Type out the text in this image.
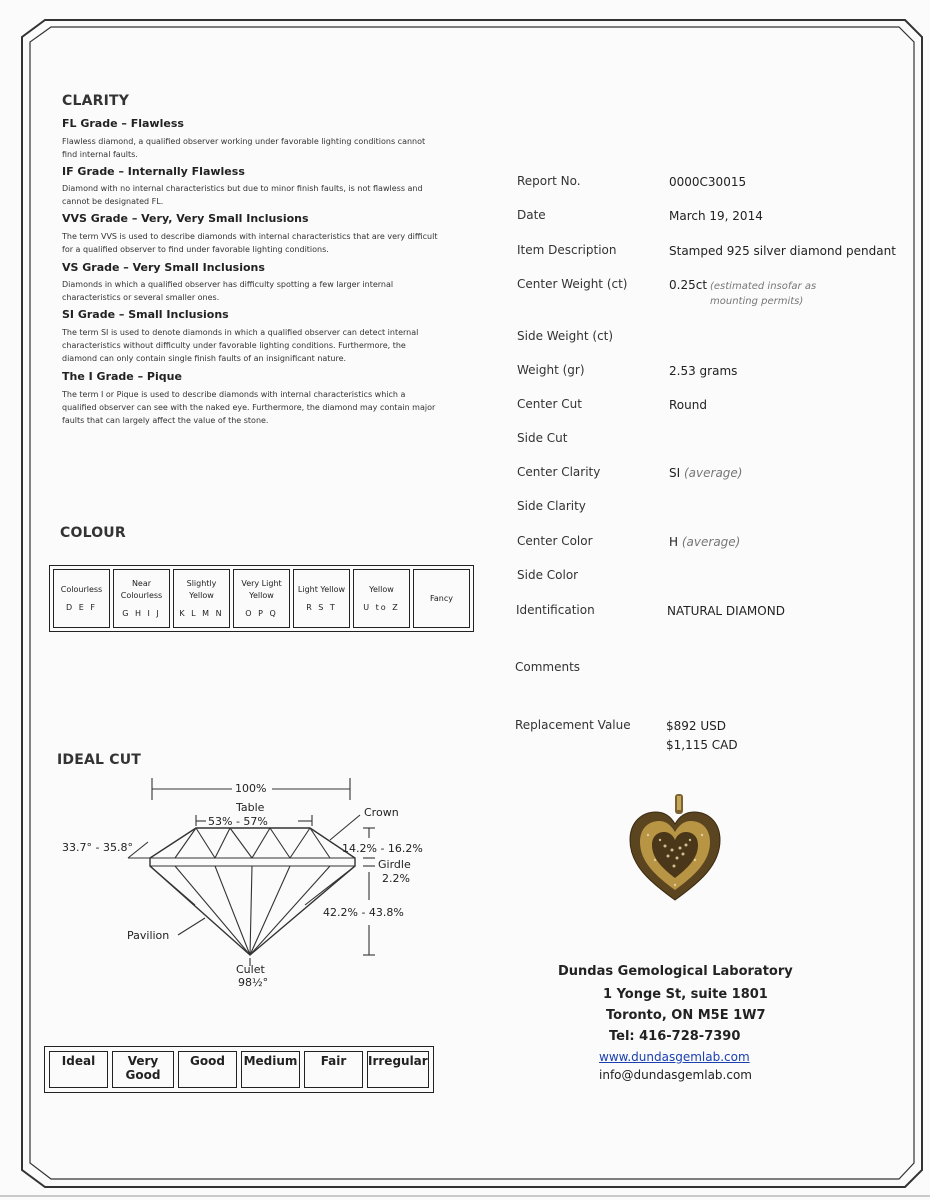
CLARITY
FL Grade – Flawless
Flawless diamond, a qualified observer working under favorable lighting conditions cannot find internal faults.
IF Grade – Internally Flawless
Diamond with no internal characteristics but due to minor finish faults, is not flawless and cannot be designated FL.
VVS Grade – Very, Very Small Inclusions
The term VVS is used to describe diamonds with internal characteristics that are very difficult for a qualified observer to find under favorable lighting conditions.
VS Grade – Very Small Inclusions
Diamonds in which a qualified observer has difficulty spotting a few larger internal characteristics or several smaller ones.
SI Grade – Small Inclusions
The term SI is used to denote diamonds in which a qualified observer can detect internal characteristics without difficulty under favorable lighting conditions. Furthermore, the diamond can only contain single finish faults of an insignificant nature.
The I Grade – Pique
The term I or Pique is used to describe diamonds with internal characteristics which a qualified observer can see with the naked eye. Furthermore, the diamond may contain major faults that can largely affect the value of the stone.
COLOUR
Colourless
D E F
	Near Colourless
G H I J
	Slightly Yellow
K L M N
	Very Light Yellow
O P Q
	Light Yellow
R S T
	Yellow
U to Z
	Fancy
IDEAL CUT
100%
Table
53% - 57%
Crown
33.7° - 35.8°	14.2% - 16.2%
Girdle
2.2%
42.2% - 43.8%
Pavilion
Culet
98½°
Ideal	Very Good	Good	Medium	Fair	Irregular
Report No.	0000C30015
Date	March 19, 2014
Item Description	Stamped 925 silver diamond pendant
Center Weight (ct)	0.25ct (estimated insofar as mounting permits)
Side Weight (ct)
Weight (gr)	2.53 grams
Center Cut	Round
Side Cut
Center Clarity	SI (average)
Side Clarity
Center Color	H (average)
Side Color
Identification	NATURAL DIAMOND
Comments
Replacement Value	$892 USD
$1,115 CAD
Dundas Gemological Laboratory
1 Yonge St, suite 1801
Toronto, ON M5E 1W7
Tel: 416-728-7390
www.dundasgemlab.com
info@dundasgemlab.com
